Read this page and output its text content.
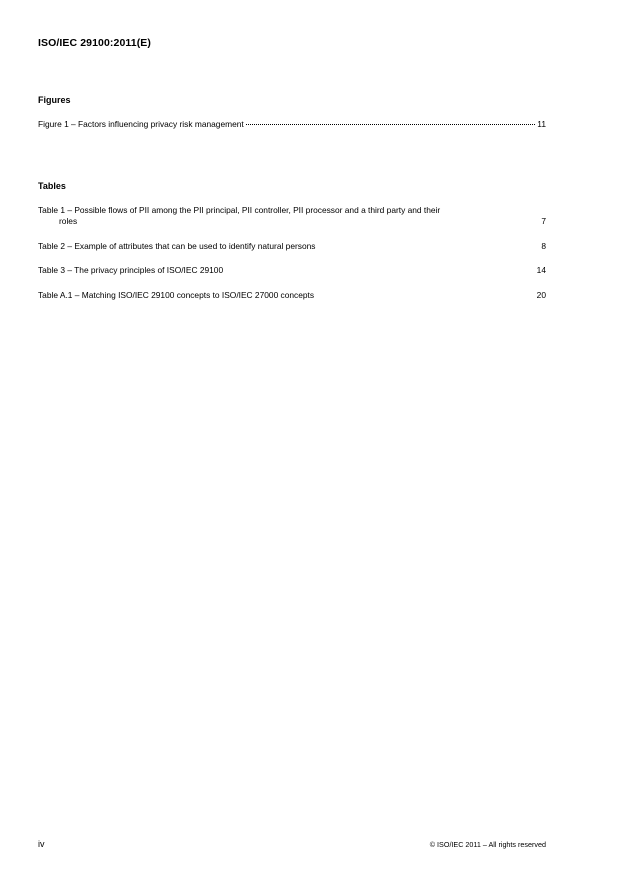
ISO/IEC 29100:2011(E)
Figures
Figure 1 – Factors influencing privacy risk management	11
Tables
Table 1 – Possible flows of PII among the PII principal, PII controller, PII processor and a third party and their
roles	7
Table 2 – Example of attributes that can be used to identify natural persons	8
Table 3 – The privacy principles of ISO/IEC 29100	14
Table A.1 – Matching ISO/IEC 29100 concepts to ISO/IEC 27000 concepts	20
iv	© ISO/IEC 2011 – All rights reserved
